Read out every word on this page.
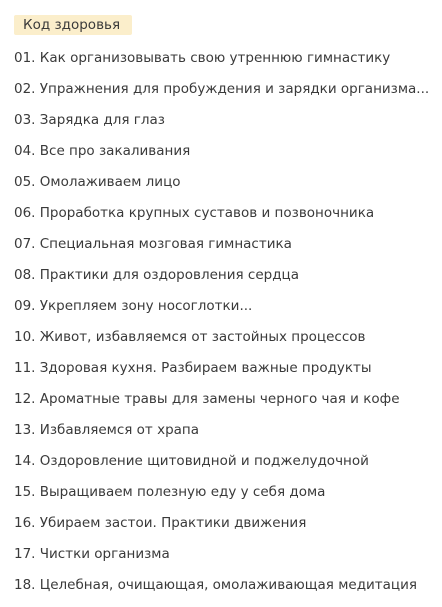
Код здоровья
01. Как организовывать свою утреннюю гимнастику
02. Упражнения для пробуждения и зарядки организма...
03. Зарядка для глаз
04. Все про закаливания
05. Омолаживаем лицо
06. Проработка крупных суставов и позвоночника
07. Специальная мозговая гимнастика
08. Практики для оздоровления сердца
09. Укрепляем зону носоглотки...
10. Живот, избавляемся от застойных процессов
11. Здоровая кухня. Разбираем важные продукты
12. Ароматные травы для замены черного чая и кофе
13. Избавляемся от храпа
14. Оздоровление щитовидной и поджелудочной
15. Выращиваем полезную еду у себя дома
16. Убираем застои. Практики движения
17. Чистки организма
18. Целебная, очищающая, омолаживающая медитация
